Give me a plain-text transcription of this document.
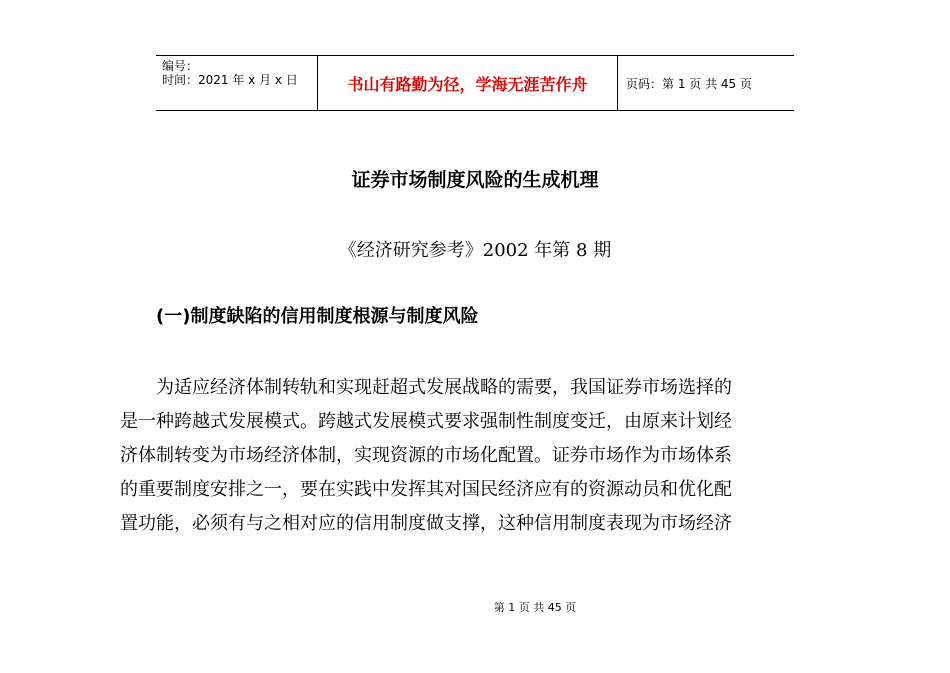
编号：
时间：2021 年 x 月 x 日	书山有路勤为径，学海无涯苦作舟	页码：第 1 页 共 45 页
证券市场制度风险的生成机理
《经济研究参考》2002 年第 8 期
(一)制度缺陷的信用制度根源与制度风险
为适应经济体制转轨和实现赶超式发展战略的需要，我国证券市场选择的
是一种跨越式发展模式。跨越式发展模式要求强制性制度变迁，由原来计划经
济体制转变为市场经济体制，实现资源的市场化配置。证券市场作为市场体系
的重要制度安排之一，要在实践中发挥其对国民经济应有的资源动员和优化配
置功能，必须有与之相对应的信用制度做支撑，这种信用制度表现为市场经济
第 1 页 共 45 页
